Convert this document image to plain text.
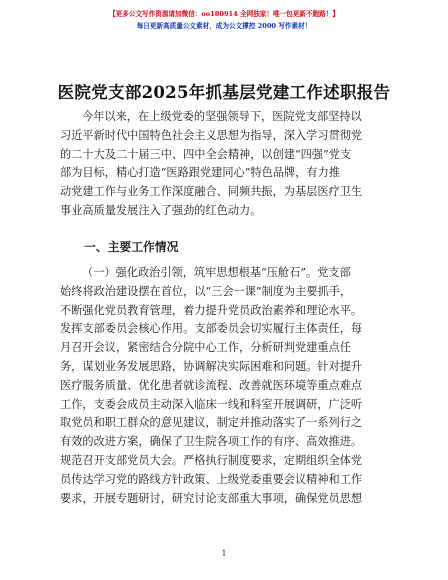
【更多公文写作资源请加微信：oo180914 全网独家！唯一包更新不跑路！】
每日更新高质量公文素材，成为公文撑控 2000 写作素材！
医院党支部2025年抓基层党建工作述职报告
今年以来，在上级党委的坚强领导下，医院党支部坚持以
习近平新时代中国特色社会主义思想为指导，深入学习贯彻党
的二十大及二十届三中、四中全会精神，以创建“四强”党支
部为目标，精心打造“医路跟党建同心”特色品牌，有力推
动党建工作与业务工作深度融合、同频共振，为基层医疗卫生
事业高质量发展注入了强劲的红色动力。
一、主要工作情况
（一）强化政治引领，筑牢思想根基“压舱石”。党支部
始终将政治建设摆在首位，以“三会一课”制度为主要抓手，
不断强化党员教育管理，着力提升党员政治素养和理论水平。
发挥支部委员会核心作用。支部委员会切实履行主体责任，每
月召开会议，紧密结合分院中心工作，分析研判党建重点任
务，谋划业务发展思路，协调解决实际困难和问题。针对提升
医疗服务质量、优化患者就诊流程、改善就医环境等重点难点
工作，支委会成员主动深入临床一线和科室开展调研，广泛听
取党员和职工群众的意见建议，制定并推动落实了一系列行之
有效的改进方案，确保了卫生院各项工作的有序、高效推进。
规范召开支部党员大会。严格执行制度要求，定期组织全体党
员传达学习党的路线方针政策、上级党委重要会议精神和工作
要求，开展专题研讨，研究讨论支部重大事项，确保党员思想
1
